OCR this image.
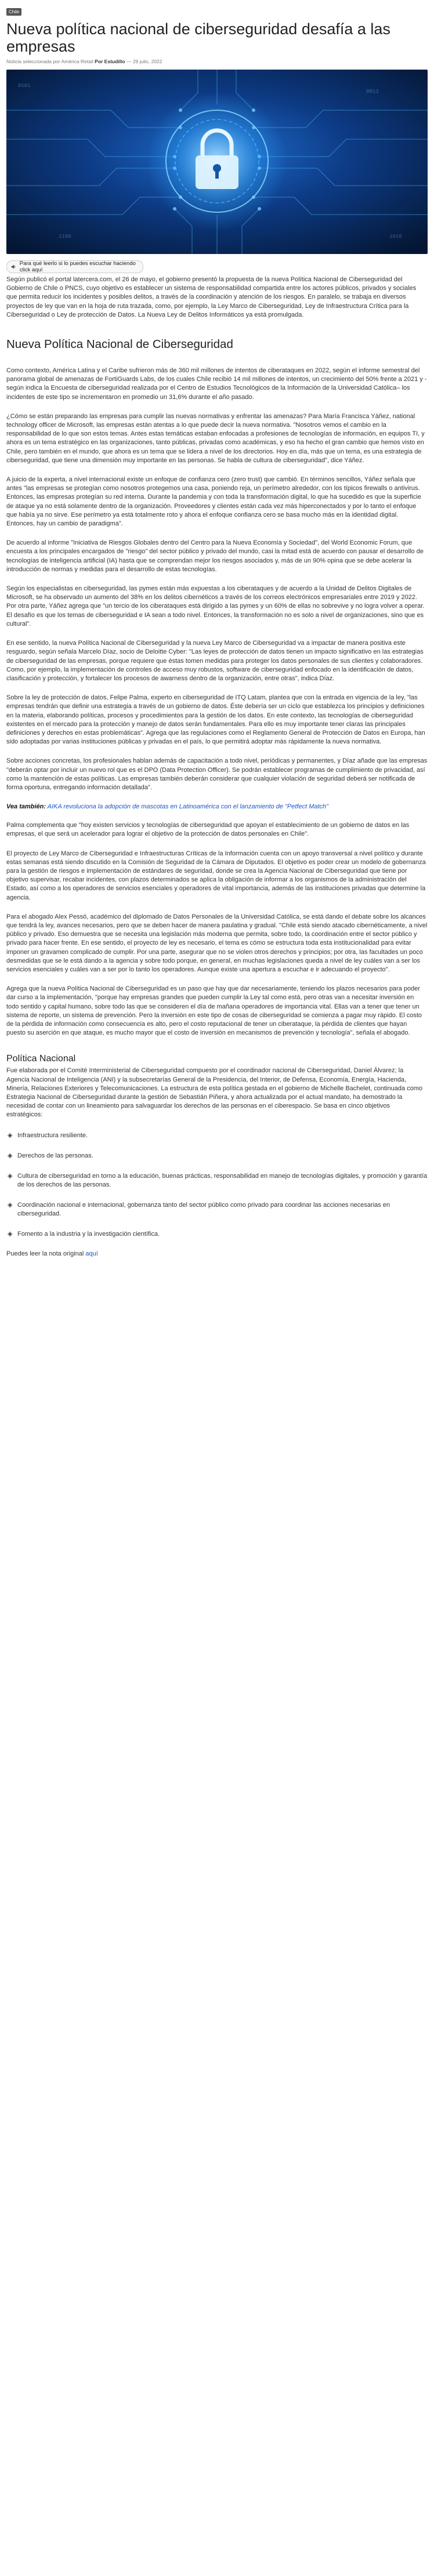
Chile
Nueva política nacional de ciberseguridad desafía a las empresas
Noticia seleccionada por América Retail Por Estudillo — 29 julio, 2022
0101
1100
0011
1010
Para qué leerlo si lo puedes escuchar haciendo click aquí

Según publicó el portal latercera.com, el 26 de mayo, el gobierno presentó la propuesta de la nueva Política Nacional de Ciberseguridad del Gobierno de Chile o PNCS, cuyo objetivo es establecer un sistema de responsabilidad compartida entre los actores públicos, privados y sociales que permita reducir los incidentes y posibles delitos, a través de la coordinación y atención de los riesgos. En paralelo, se trabaja en diversos proyectos de ley que van en la hoja de ruta trazada, como, por ejemplo, la Ley Marco de Ciberseguridad, Ley de Infraestructura Crítica para la Ciberseguridad o Ley de protección de Datos. La Nueva Ley de Delitos Informáticos ya está promulgada.

Nueva Política Nacional de Ciberseguridad

Como contexto, América Latina y el Caribe sufrieron más de 360 mil millones de intentos de ciberataques en 2022, según el informe semestral del panorama global de amenazas de FortiGuards Labs, de los cuales Chile recibió 14 mil millones de intentos, un crecimiento del 50% frente a 2021 y - según indica la Encuesta de ciberseguridad realizada por el Centro de Estudios Tecnológicos de la Información de la Universidad Católica– los incidentes de este tipo se incrementaron en promedio un 31,6% durante el año pasado.

¿Cómo se están preparando las empresas para cumplir las nuevas normativas y enfrentar las amenazas? Para María Francisca Yáñez, national technology officer de Microsoft, las empresas están atentas a lo que puede decir la nueva normativa. "Nosotros vemos el cambio en la responsabilidad de lo que son estos temas. Antes estas temáticas estaban enfocadas a profesiones de tecnologías de información, en equipos TI, y ahora es un tema estratégico en las organizaciones, tanto públicas, privadas como académicas, y eso ha hecho el gran cambio que hemos visto en Chile, pero también en el mundo, que ahora es un tema que se lidera a nivel de los directorios. Hoy en día, más que un tema, es una estrategia de ciberseguridad, que tiene una dimensión muy importante en las personas. Se habla de cultura de ciberseguridad", dice Yáñez.

A juicio de la experta, a nivel internacional existe un enfoque de confianza cero (zero trust) que cambió. En términos sencillos, Yáñez señala que antes "las empresas se protegían como nosotros protegemos una casa, poniendo reja, un perímetro alrededor, con los típicos firewalls o antivirus. Entonces, las empresas protegían su red interna. Durante la pandemia y con toda la transformación digital, lo que ha sucedido es que la superficie de ataque ya no está solamente dentro de la organización. Proveedores y clientes están cada vez más hiperconectados y por lo tanto el enfoque que había ya no sirve. Ese perímetro ya está totalmente roto y ahora el enfoque confianza cero se basa mucho más en la identidad digital. Entonces, hay un cambio de paradigma".

De acuerdo al informe "Iniciativa de Riesgos Globales dentro del Centro para la Nueva Economía y Sociedad", del World Economic Forum, que encuesta a los principales encargados de "riesgo" del sector público y privado del mundo, casi la mitad está de acuerdo con pausar el desarrollo de tecnologías de inteligencia artificial (IA) hasta que se comprendan mejor los riesgos asociados y, más de un 90% opina que se debe acelerar la introducción de normas y medidas para el desarrollo de estas tecnologías.

Según los especialistas en ciberseguridad, las pymes están más expuestas a los ciberataques y de acuerdo a la Unidad de Delitos Digitales de Microsoft, se ha observado un aumento del 38% en los delitos cibernéticos a través de los correos electrónicos empresariales entre 2019 y 2022. Por otra parte, Yáñez agrega que "un tercio de los ciberataques está dirigido a las pymes y un 60% de ellas no sobrevive y no logra volver a operar. El desafío es que los temas de ciberseguridad e IA sean a todo nivel. Entonces, la transformación no es solo a nivel de organizaciones, sino que es cultural".

En ese sentido, la nueva Política Nacional de Ciberseguridad y la nueva Ley Marco de Ciberseguridad va a impactar de manera positiva este resguardo, según señala Marcelo Díaz, socio de Deloitte Cyber: "Las leyes de protección de datos tienen un impacto significativo en las estrategias de ciberseguridad de las empresas, porque requiere que éstas tomen medidas para proteger los datos personales de sus clientes y colaboradores. Como, por ejemplo, la implementación de controles de acceso muy robustos, software de ciberseguridad enfocado en la identificación de datos, clasificación y protección, y fortalecer los procesos de awarness dentro de la organización, entre otras", indica Díaz.

Sobre la ley de protección de datos, Felipe Palma, experto en ciberseguridad de ITQ Latam, plantea que con la entrada en vigencia de la ley, "las empresas tendrán que definir una estrategia a través de un gobierno de datos. Éste debería ser un ciclo que establezca los principios y definiciones en la materia, elaborando políticas, procesos y procedimientos para la gestión de los datos. En este contexto, las tecnologías de ciberseguridad existentes en el mercado para la protección y manejo de datos serán fundamentales. Para ello es muy importante tener claras las principales definiciones y derechos en estas problemáticas". Agrega que las regulaciones como el Reglamento General de Protección de Datos en Europa, han sido adoptadas por varias instituciones públicas y privadas en el país, lo que permitirá adoptar más rápidamente la nueva normativa.

Sobre acciones concretas, los profesionales hablan además de capacitación a todo nivel, periódicas y permanentes, y Díaz añade que las empresas "deberán optar por incluir un nuevo rol que es el DPO (Data Protection Officer). Se podrán establecer programas de cumplimiento de privacidad, así como la mantención de estas políticas. Las empresas también deberán considerar que cualquier violación de seguridad deberá ser notificada de forma oportuna, entregando información detallada".

Vea también: AIKA revoluciona la adopción de mascotas en Latinoamérica con el lanzamiento de "Petfect Match"

Palma complementa que "hoy existen servicios y tecnologías de ciberseguridad que apoyan el establecimiento de un gobierno de datos en las empresas, el que será un acelerador para lograr el objetivo de la protección de datos personales en Chile".

El proyecto de Ley Marco de Ciberseguridad e Infraestructuras Críticas de la Información cuenta con un apoyo transversal a nivel político y durante estas semanas está siendo discutido en la Comisión de Seguridad de la Cámara de Diputados. El objetivo es poder crear un modelo de gobernanza para la gestión de riesgos e implementación de estándares de seguridad, donde se crea la Agencia Nacional de Ciberseguridad que tiene por objetivo supervisar, recabar incidentes, con plazos determinados se aplica la obligación de informar a los organismos de la administración del Estado, así como a los operadores de servicios esenciales y operadores de vital importancia, además de las instituciones privadas que determine la agencia.

Para el abogado Alex Pessó, académico del diplomado de Datos Personales de la Universidad Católica, se está dando el debate sobre los alcances que tendrá la ley, avances necesarios, pero que se deben hacer de manera paulatina y gradual. "Chile está siendo atacado cibernéticamente, a nivel público y privado. Eso demuestra que se necesita una legislación más moderna que permita, sobre todo, la coordinación entre el sector público y privado para hacer frente. En ese sentido, el proyecto de ley es necesario, el tema es cómo se estructura toda esta institucionalidad para evitar imponer un gravamen complicado de cumplir. Por una parte, asegurar que no se violen otros derechos y principios; por otra, las facultades un poco desmedidas que se le está dando a la agencia y sobre todo porque, en general, en muchas legislaciones queda a nivel de ley cuáles van a ser los servicios esenciales y cuáles van a ser por lo tanto los operadores. Aunque existe una apertura a escuchar e ir adecuando el proyecto".

Agrega que la nueva Política Nacional de Ciberseguridad es un paso que hay que dar necesariamente, teniendo los plazos necesarios para poder dar curso a la implementación, "porque hay empresas grandes que pueden cumplir la Ley tal como está, pero otras van a necesitar inversión en todo sentido y capital humano, sobre todo las que se consideren el día de mañana operadores de importancia vital. Ellas van a tener que tener un sistema de reporte, un sistema de prevención. Pero la inversión en este tipo de cosas de ciberseguridad se comienza a pagar muy rápido. El costo de la pérdida de información como consecuencia es alto, pero el costo reputacional de tener un ciberataque, la pérdida de clientes que hayan puesto su aserción en que ataque, es mucho mayor que el costo de inversión en mecanismos de prevención y tecnología", señala el abogado.

Política Nacional

Fue elaborada por el Comité Interministerial de Ciberseguridad compuesto por el coordinador nacional de Ciberseguridad, Daniel Álvarez; la Agencia Nacional de Inteligencia (ANI) y la subsecretarías General de la Presidencia, del Interior, de Defensa, Economía, Energía, Hacienda, Minería, Relaciones Exteriores y Telecomunicaciones. La estructura de esta política gestada en el gobierno de Michelle Bachelet, continuada como Estrategia Nacional de Ciberseguridad durante la gestión de Sebastián Piñera, y ahora actualizada por el actual mandato, ha demostrado la necesidad de contar con un lineamiento para salvaguardar los derechos de las personas en el ciberespacio. Se basa en cinco objetivos estratégicos:

◈ Infraestructura resiliente.
◈ Derechos de las personas.
◈ Cultura de ciberseguridad en torno a la educación, buenas prácticas, responsabilidad en manejo de tecnologías digitales, y promoción y garantía de los derechos de las personas.
◈ Coordinación nacional e internacional, gobernanza tanto del sector público como privado para coordinar las acciones necesarias en ciberseguridad.
◈ Fomento a la industria y la investigación científica.
Puedes leer la nota original aquí
